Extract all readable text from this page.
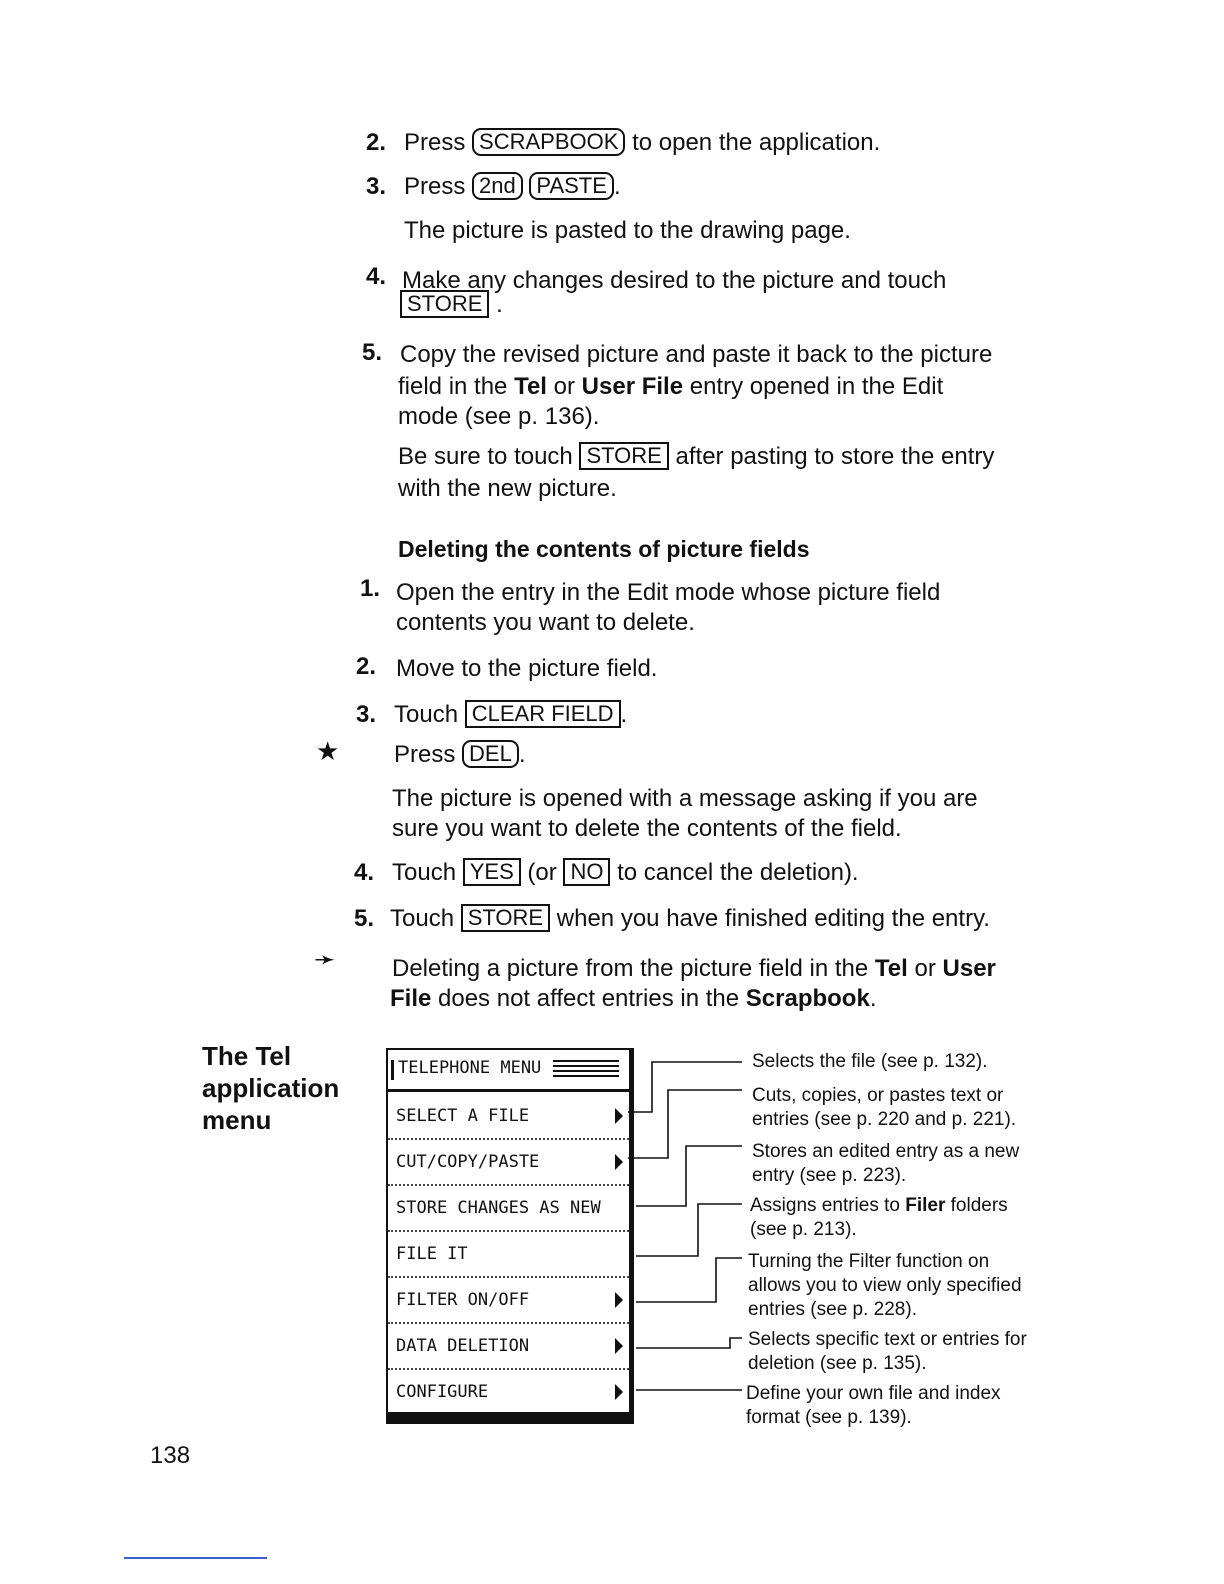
2. Press SCRAPBOOK to open the application.
3. Press 2nd PASTE .
The picture is pasted to the drawing page.
4. Make any changes desired to the picture and touch
STORE .
5. Copy the revised picture and paste it back to the picture
field in the Tel or User File entry opened in the Edit
mode (see p. 136).
Be sure to touch STORE after pasting to store the entry
with the new picture.
Deleting the contents of picture fields
1. Open the entry in the Edit mode whose picture field
contents you want to delete.
2. Move to the picture field.
3. Touch CLEAR FIELD .
★ Press DEL .
The picture is opened with a message asking if you are
sure you want to delete the contents of the field.
4. Touch YES (or NO to cancel the deletion).
5. Touch STORE when you have finished editing the entry.
➛ Deleting a picture from the picture field in the Tel or User
File does not affect entries in the Scrapbook.
The Tel
application
menu
TELEPHONE MENU
SELECT A FILE
CUT/COPY/PASTE
STORE CHANGES AS NEW
FILE IT
FILTER ON/OFF
DATA DELETION
CONFIGURE
Selects the file (see p. 132).
Cuts, copies, or pastes text or
entries (see p. 220 and p. 221).
Stores an edited entry as a new
entry (see p. 223).
Assigns entries to Filer folders
(see p. 213).
Turning the Filter function on
allows you to view only specified
entries (see p. 228).
Selects specific text or entries for
deletion (see p. 135).
Define your own file and index
format (see p. 139).
138
